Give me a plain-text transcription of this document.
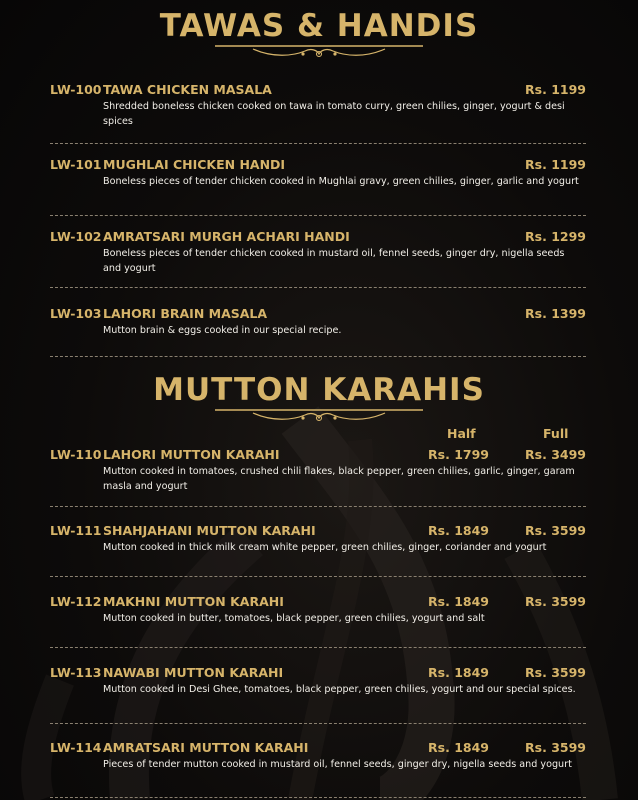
TAWAS & HANDIS
LW-100 TAWA CHICKEN MASALA	Rs. 1199
Shredded boneless chicken cooked on tawa in tomato curry, green chilies, ginger, yogurt & desi spices
LW-101 MUGHLAI CHICKEN HANDI	Rs. 1199
Boneless pieces of tender chicken cooked in Mughlai gravy, green chilies, ginger, garlic and yogurt
LW-102 AMRATSARI MURGH ACHARI HANDI	Rs. 1299
Boneless pieces of tender chicken cooked in mustard oil, fennel seeds, ginger dry, nigella seeds and yogurt
LW-103 LAHORI BRAIN MASALA	Rs. 1399
Mutton brain & eggs cooked in our special recipe.
MUTTON KARAHIS
Half	Full
LW-110 LAHORI MUTTON KARAHI	Rs. 1799	Rs. 3499
Mutton cooked in tomatoes, crushed chili flakes, black pepper, green chilies, garlic, ginger, garam masla and yogurt
LW-111 SHAHJAHANI MUTTON KARAHI	Rs. 1849	Rs. 3599
Mutton cooked in thick milk cream white pepper, green chilies, ginger, coriander and yogurt
LW-112 MAKHNI MUTTON KARAHI	Rs. 1849	Rs. 3599
Mutton cooked in butter, tomatoes, black pepper, green chilies, yogurt and salt
LW-113 NAWABI MUTTON KARAHI	Rs. 1849	Rs. 3599
Mutton cooked in Desi Ghee, tomatoes, black pepper, green chilies, yogurt and our special spices.
LW-114 AMRATSARI MUTTON KARAHI	Rs. 1849	Rs. 3599
Pieces of tender mutton cooked in mustard oil, fennel seeds, ginger dry, nigella seeds and yogurt
